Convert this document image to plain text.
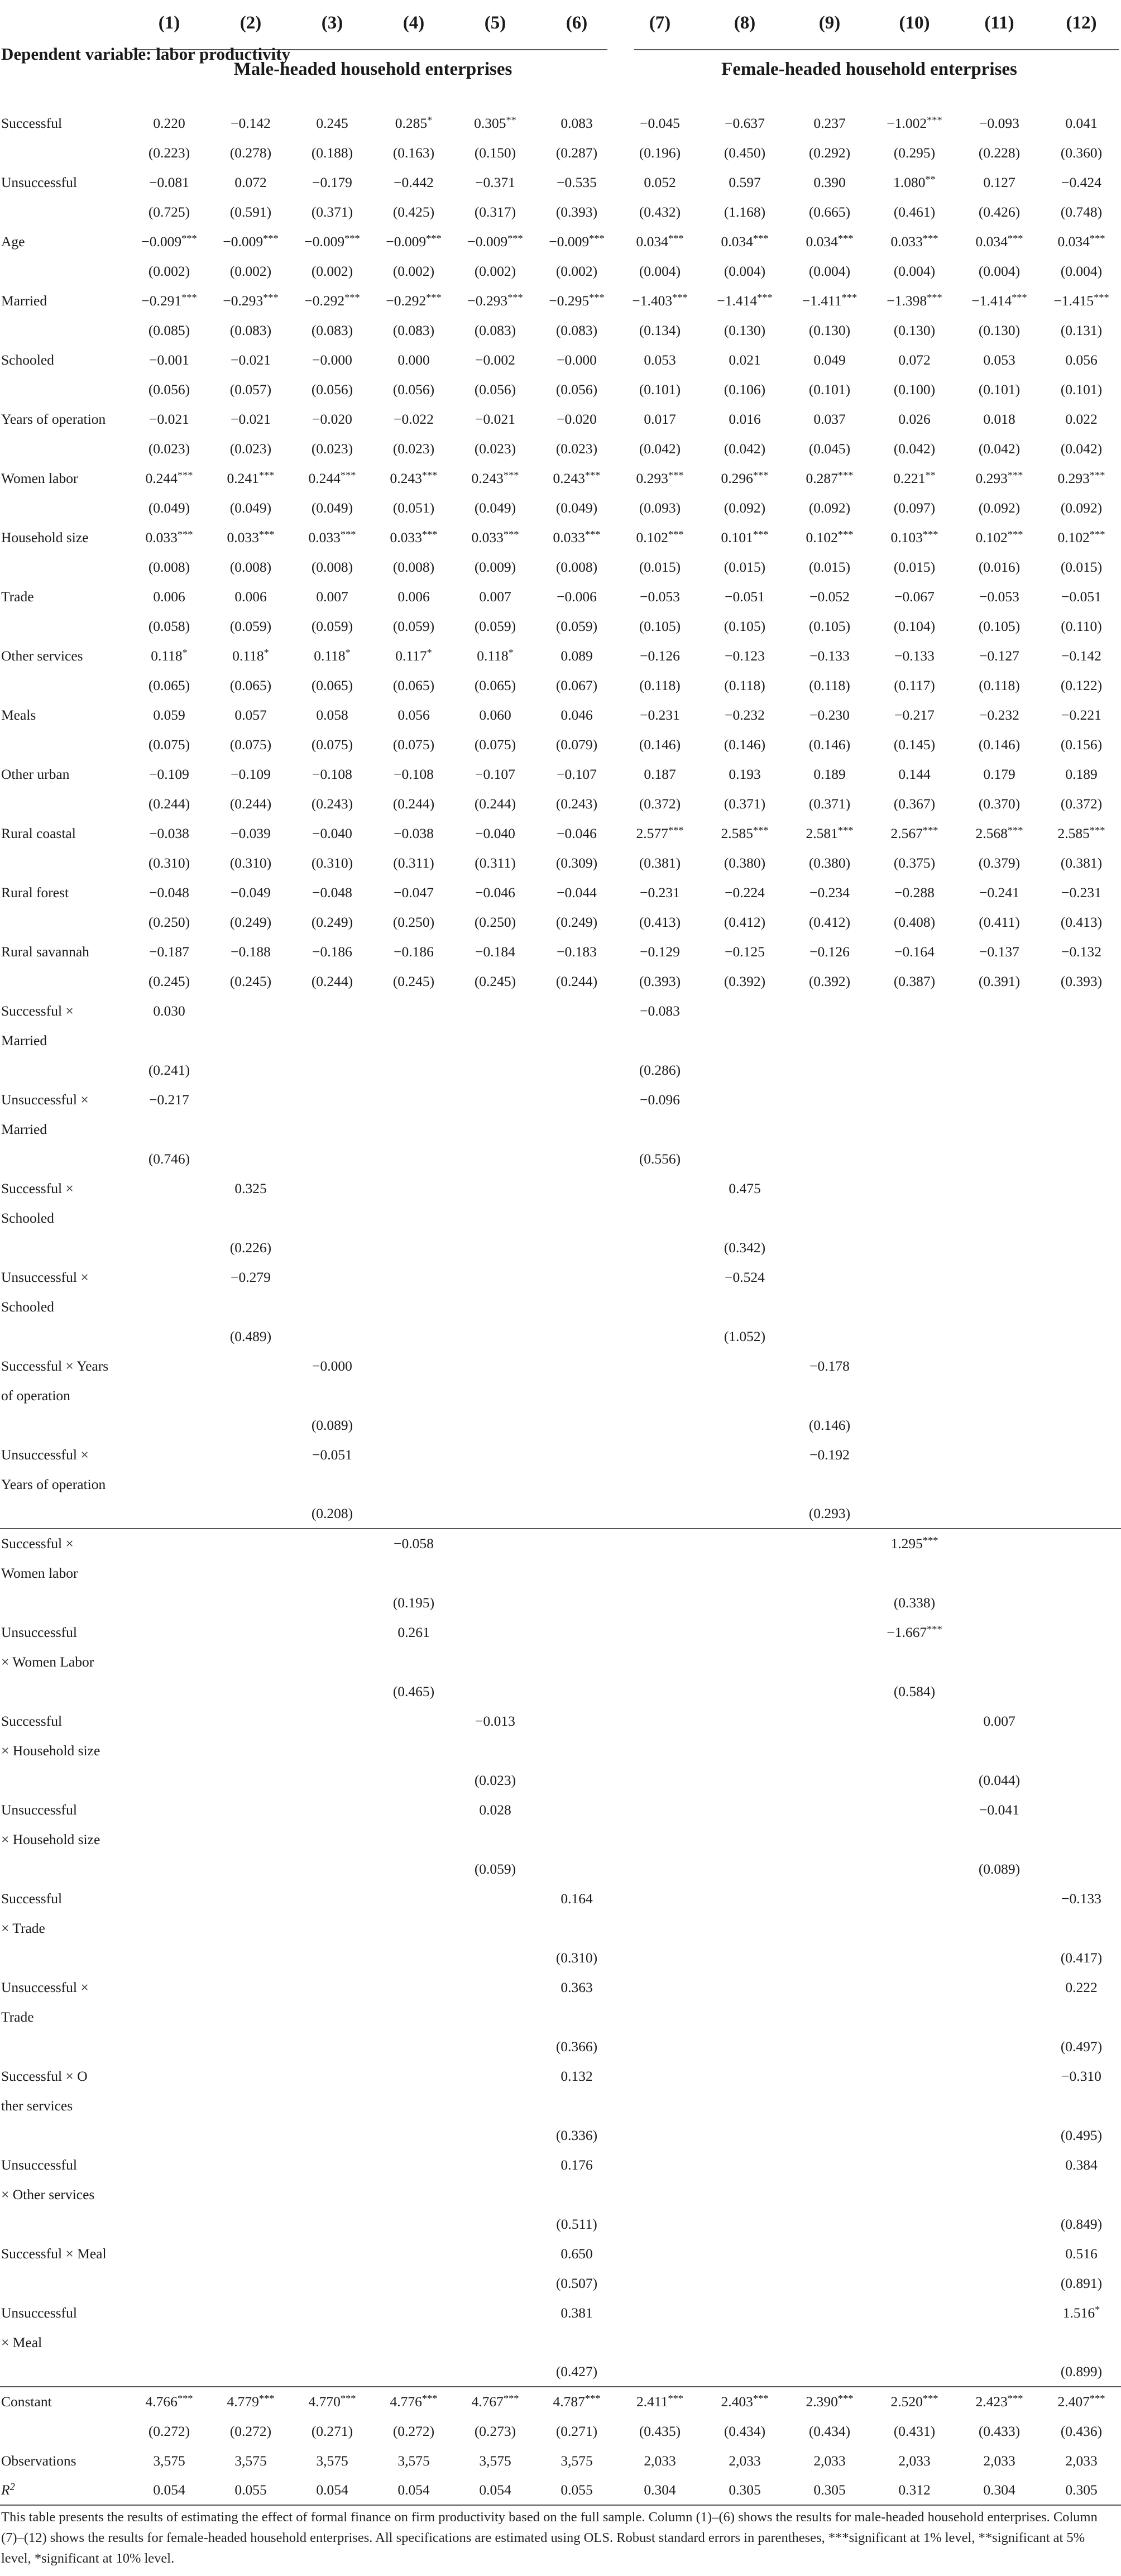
Dependent variable: labor productivity	(1)	(2)	(3)	(4)	(5)	(6)	(7)	(8)	(9)	(10)	(11)	(12)

	Male-headed household enterprises						Female-headed household enterprises					

Successful	0.220	−0.142	0.245	0.285*	0.305**	0.083	−0.045	−0.637	0.237	−1.002***	−0.093	0.041
	(0.223)	(0.278)	(0.188)	(0.163)	(0.150)	(0.287)	(0.196)	(0.450)	(0.292)	(0.295)	(0.228)	(0.360)
Unsuccessful	−0.081	0.072	−0.179	−0.442	−0.371	−0.535	0.052	0.597	0.390	1.080**	0.127	−0.424
	(0.725)	(0.591)	(0.371)	(0.425)	(0.317)	(0.393)	(0.432)	(1.168)	(0.665)	(0.461)	(0.426)	(0.748)
Age	−0.009***	−0.009***	−0.009***	−0.009***	−0.009***	−0.009***	0.034***	0.034***	0.034***	0.033***	0.034***	0.034***
	(0.002)	(0.002)	(0.002)	(0.002)	(0.002)	(0.002)	(0.004)	(0.004)	(0.004)	(0.004)	(0.004)	(0.004)
Married	−0.291***	−0.293***	−0.292***	−0.292***	−0.293***	−0.295***	−1.403***	−1.414***	−1.411***	−1.398***	−1.414***	−1.415***
	(0.085)	(0.083)	(0.083)	(0.083)	(0.083)	(0.083)	(0.134)	(0.130)	(0.130)	(0.130)	(0.130)	(0.131)
Schooled	−0.001	−0.021	−0.000	0.000	−0.002	−0.000	0.053	0.021	0.049	0.072	0.053	0.056
	(0.056)	(0.057)	(0.056)	(0.056)	(0.056)	(0.056)	(0.101)	(0.106)	(0.101)	(0.100)	(0.101)	(0.101)
Years of operation	−0.021	−0.021	−0.020	−0.022	−0.021	−0.020	0.017	0.016	0.037	0.026	0.018	0.022
	(0.023)	(0.023)	(0.023)	(0.023)	(0.023)	(0.023)	(0.042)	(0.042)	(0.045)	(0.042)	(0.042)	(0.042)
Women labor	0.244***	0.241***	0.244***	0.243***	0.243***	0.243***	0.293***	0.296***	0.287***	0.221**	0.293***	0.293***
	(0.049)	(0.049)	(0.049)	(0.051)	(0.049)	(0.049)	(0.093)	(0.092)	(0.092)	(0.097)	(0.092)	(0.092)
Household size	0.033***	0.033***	0.033***	0.033***	0.033***	0.033***	0.102***	0.101***	0.102***	0.103***	0.102***	0.102***
	(0.008)	(0.008)	(0.008)	(0.008)	(0.009)	(0.008)	(0.015)	(0.015)	(0.015)	(0.015)	(0.016)	(0.015)
Trade	0.006	0.006	0.007	0.006	0.007	−0.006	−0.053	−0.051	−0.052	−0.067	−0.053	−0.051
	(0.058)	(0.059)	(0.059)	(0.059)	(0.059)	(0.059)	(0.105)	(0.105)	(0.105)	(0.104)	(0.105)	(0.110)
Other services	0.118*	0.118*	0.118*	0.117*	0.118*	0.089	−0.126	−0.123	−0.133	−0.133	−0.127	−0.142
	(0.065)	(0.065)	(0.065)	(0.065)	(0.065)	(0.067)	(0.118)	(0.118)	(0.118)	(0.117)	(0.118)	(0.122)
Meals	0.059	0.057	0.058	0.056	0.060	0.046	−0.231	−0.232	−0.230	−0.217	−0.232	−0.221
	(0.075)	(0.075)	(0.075)	(0.075)	(0.075)	(0.079)	(0.146)	(0.146)	(0.146)	(0.145)	(0.146)	(0.156)
Other urban	−0.109	−0.109	−0.108	−0.108	−0.107	−0.107	0.187	0.193	0.189	0.144	0.179	0.189
	(0.244)	(0.244)	(0.243)	(0.244)	(0.244)	(0.243)	(0.372)	(0.371)	(0.371)	(0.367)	(0.370)	(0.372)
Rural coastal	−0.038	−0.039	−0.040	−0.038	−0.040	−0.046	2.577***	2.585***	2.581***	2.567***	2.568***	2.585***
	(0.310)	(0.310)	(0.310)	(0.311)	(0.311)	(0.309)	(0.381)	(0.380)	(0.380)	(0.375)	(0.379)	(0.381)
Rural forest	−0.048	−0.049	−0.048	−0.047	−0.046	−0.044	−0.231	−0.224	−0.234	−0.288	−0.241	−0.231
	(0.250)	(0.249)	(0.249)	(0.250)	(0.250)	(0.249)	(0.413)	(0.412)	(0.412)	(0.408)	(0.411)	(0.413)
Rural savannah	−0.187	−0.188	−0.186	−0.186	−0.184	−0.183	−0.129	−0.125	−0.126	−0.164	−0.137	−0.132
	(0.245)	(0.245)	(0.244)	(0.245)	(0.245)	(0.244)	(0.393)	(0.392)	(0.392)	(0.387)	(0.391)	(0.393)
Successful ×	0.030						−0.083					
Married												
	(0.241)						(0.286)					
Unsuccessful ×	−0.217						−0.096					
Married												
	(0.746)						(0.556)					
Successful ×		0.325						0.475				
Schooled												
		(0.226)						(0.342)				
Unsuccessful ×		−0.279						−0.524				
Schooled												
		(0.489)						(1.052)				
Successful × Years			−0.000						−0.178			
of operation												
			(0.089)						(0.146)			
Unsuccessful ×			−0.051						−0.192			
Years of operation												
			(0.208)						(0.293)			
Successful ×				−0.058						1.295***		
Women labor												
				(0.195)						(0.338)		
Unsuccessful				0.261						−1.667***		
× Women Labor												
				(0.465)						(0.584)		
Successful					−0.013						0.007	
× Household size												
					(0.023)						(0.044)	
Unsuccessful					0.028						−0.041	
× Household size												
					(0.059)						(0.089)	
Successful						0.164						−0.133
× Trade												
						(0.310)						(0.417)
Unsuccessful ×						0.363						0.222
Trade												
						(0.366)						(0.497)
Successful × O						0.132						−0.310
ther services												
						(0.336)						(0.495)
Unsuccessful						0.176						0.384
× Other services												
						(0.511)						(0.849)
Successful × Meal						0.650						0.516
						(0.507)						(0.891)
Unsuccessful						0.381						1.516*
× Meal												
						(0.427)						(0.899)
Constant	4.766***	4.779***	4.770***	4.776***	4.767***	4.787***	2.411***	2.403***	2.390***	2.520***	2.423***	2.407***
	(0.272)	(0.272)	(0.271)	(0.272)	(0.273)	(0.271)	(0.435)	(0.434)	(0.434)	(0.431)	(0.433)	(0.436)
Observations	3,575	3,575	3,575	3,575	3,575	3,575	2,033	2,033	2,033	2,033	2,033	2,033
$R^2$	0.054	0.055	0.054	0.054	0.054	0.055	0.304	0.305	0.305	0.312	0.304	0.305
This table presents the results of estimating the effect of formal finance on firm productivity based on the full sample. Column (1)–(6) shows the results for male-headed household enterprises. Column (7)–(12) shows the results for female-headed household enterprises. All specifications are estimated using OLS. Robust standard errors in parentheses, ***significant at 1% level, **significant at 5% level, *significant at 10% level.
